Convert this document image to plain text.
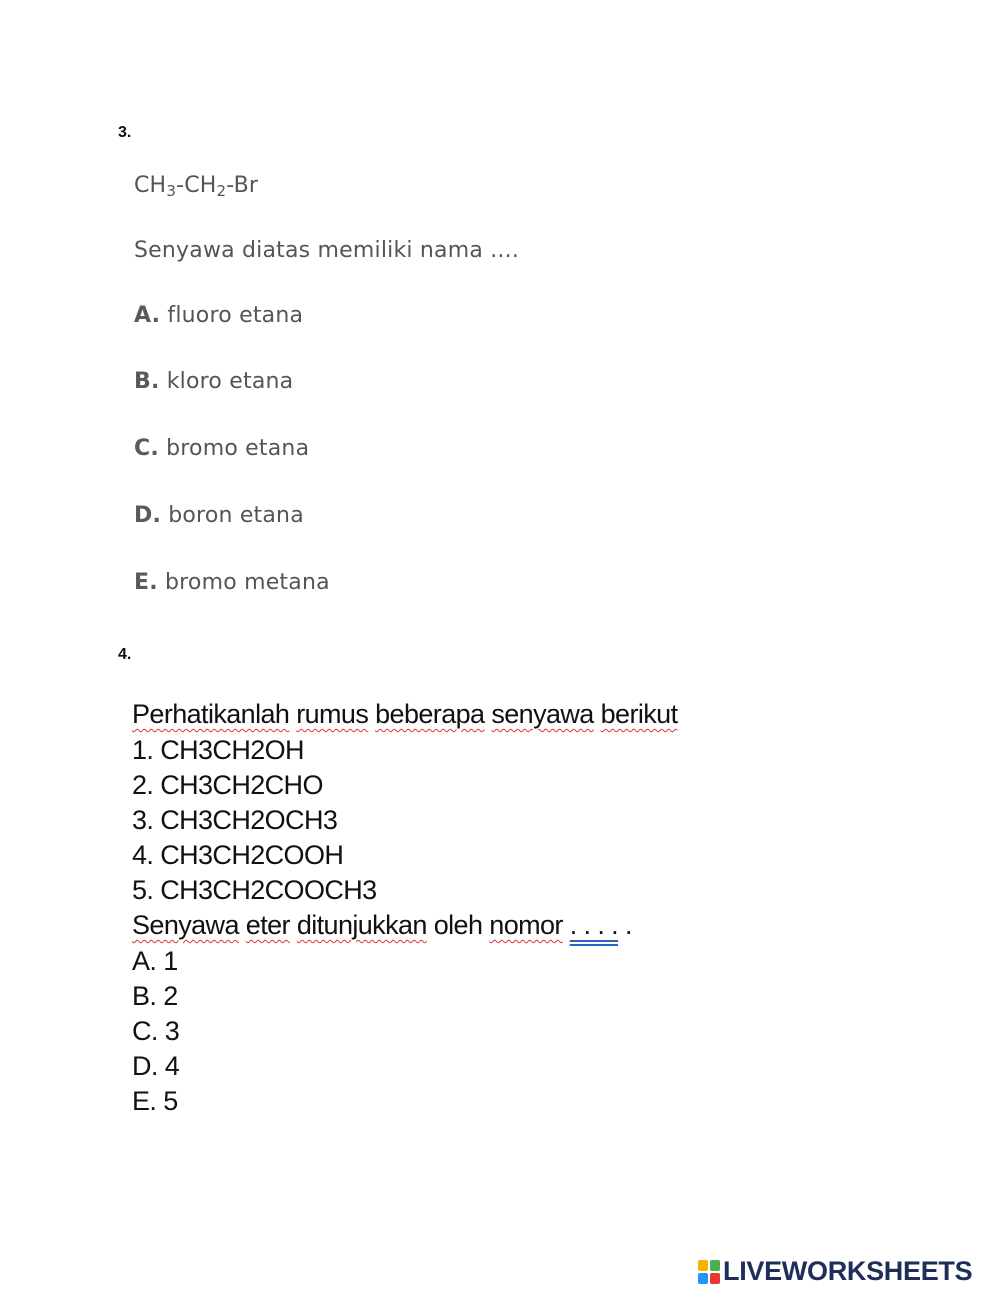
3.
$CH_3-CH_2-Br$
Senyawa diatas memiliki nama ....
A. fluoro etana
B. kloro etana
C. bromo etana
D. boron etana
E. bromo metana
4.
Perhatikanlah rumus beberapa senyawa berikut
1. CH3CH2OH
2. CH3CH2CHO
3. CH3CH2OCH3
4. CH3CH2COOH
5. CH3CH2COOCH3
Senyawa eter ditunjukkan oleh nomor . . . . .
A. 1
B. 2
C. 3
D. 4
E. 5
LIVEWORKSHEETS
